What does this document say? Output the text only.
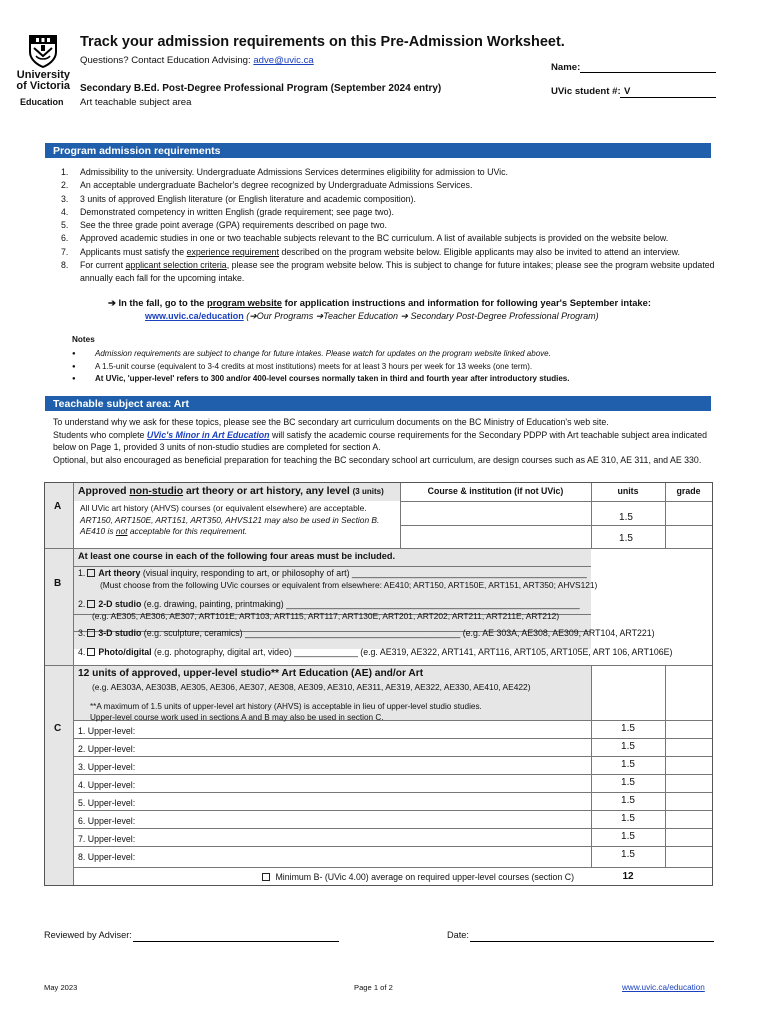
University
of Victoria
Education
Track your admission requirements on this Pre-Admission Worksheet.
Questions? Contact Education Advising: adve@uvic.ca
Secondary B.Ed. Post-Degree Professional Program (September 2024 entry)
Art teachable subject area
Name:
UVic student #: V
Program admission requirements
1. Admissibility to the university. Undergraduate Admissions Services determines eligibility for admission to UVic.
2. An acceptable undergraduate Bachelor's degree recognized by Undergraduate Admissions Services.
3. 3 units of approved English literature (or English literature and academic composition).
4. Demonstrated competency in written English (grade requirement; see page two).
5. See the three grade point average (GPA) requirements described on page two.
6. Approved academic studies in one or two teachable subjects relevant to the BC curriculum. A list of available subjects is provided on the website below.
7. Applicants must satisfy the experience requirement described on the program website below. Eligible applicants may also be invited to attend an interview.
8. For current applicant selection criteria, please see the program website below. This is subject to change for future intakes; please see the program website updated annually each fall for the upcoming intake.
➔ In the fall, go to the program website for application instructions and information for following year's September intake:
www.uvic.ca/education (➔Our Programs ➔Teacher Education ➔ Secondary Post-Degree Professional Program)
Notes
● Admission requirements are subject to change for future intakes. Please watch for updates on the program website linked above.
● A 1.5-unit course (equivalent to 3-4 credits at most institutions) meets for at least 3 hours per week for 13 weeks (one term).
● At UVic, 'upper-level' refers to 300 and/or 400-level courses normally taken in third and fourth year after introductory studies.
Teachable subject area: Art
To understand why we ask for these topics, please see the BC secondary art curriculum documents on the BC Ministry of Education's web site.
Students who complete UVic's Minor in Art Education will satisfy the academic course requirements for the Secondary PDPP with Art teachable subject area indicated below on Page 1, provided 3 units of non-studio studies are completed for section A.
Optional, but also encouraged as beneficial preparation for teaching the BC secondary school art curriculum, are design courses such as AE 310, AE 311, and AE 330.
Course & institution (if not UVic)	units	grade
A
Approved non-studio art theory or art history, any level (3 units)
All UVic art history (AHVS) courses (or equivalent elsewhere) are acceptable.
ART150, ART150E, ART151, ART350, AHVS121 may also be used in Section B.
AE410 is not acceptable for this requirement.
1.5
1.5
B
At least one course in each of the following four areas must be included.
1. Art theory (visual inquiry, responding to art, or philosophy of art) ________________________________________________
(Must choose from the following UVic courses or equivalent from elsewhere: AE410; ART150, ART150E, ART151, ART350; AHVS121)
2. 2-D studio (e.g. drawing, painting, printmaking) ____________________________________________________________
(e.g. AE305, AE306, AE307, ART101E, ART103, ART115, ART117, ART130E, ART201, ART202, ART211, ART211E, ART212)
3. 3-D studio (e.g. sculpture, ceramics) ____________________________________________ (e.g. AE 303A, AE308, AE309, ART104, ART221)
4. Photo/digital (e.g. photography, digital art, video) _____________ (e.g. AE319, AE322, ART141, ART116, ART105, ART105E, ART 106, ART106E)
C
12 units of approved, upper-level studio** Art Education (AE) and/or Art
(e.g. AE303A, AE303B, AE305, AE306, AE307, AE308, AE309, AE310, AE311, AE319, AE322, AE330, AE410, AE422)
**A maximum of 1.5 units of upper-level art history (AHVS) is acceptable in lieu of upper-level studio studies.
Upper-level course work used in sections A and B may also be used in section C.
1. Upper-level:	1.5
2. Upper-level:	1.5
3. Upper-level:	1.5
4. Upper-level:	1.5
5. Upper-level:	1.5
6. Upper-level:	1.5
7. Upper-level:	1.5
8. Upper-level:	1.5
Minimum B- (UVic 4.00) average on required upper-level courses (section C)	12
Reviewed by Adviser:	Date:
May 2023	Page 1 of 2	www.uvic.ca/education
